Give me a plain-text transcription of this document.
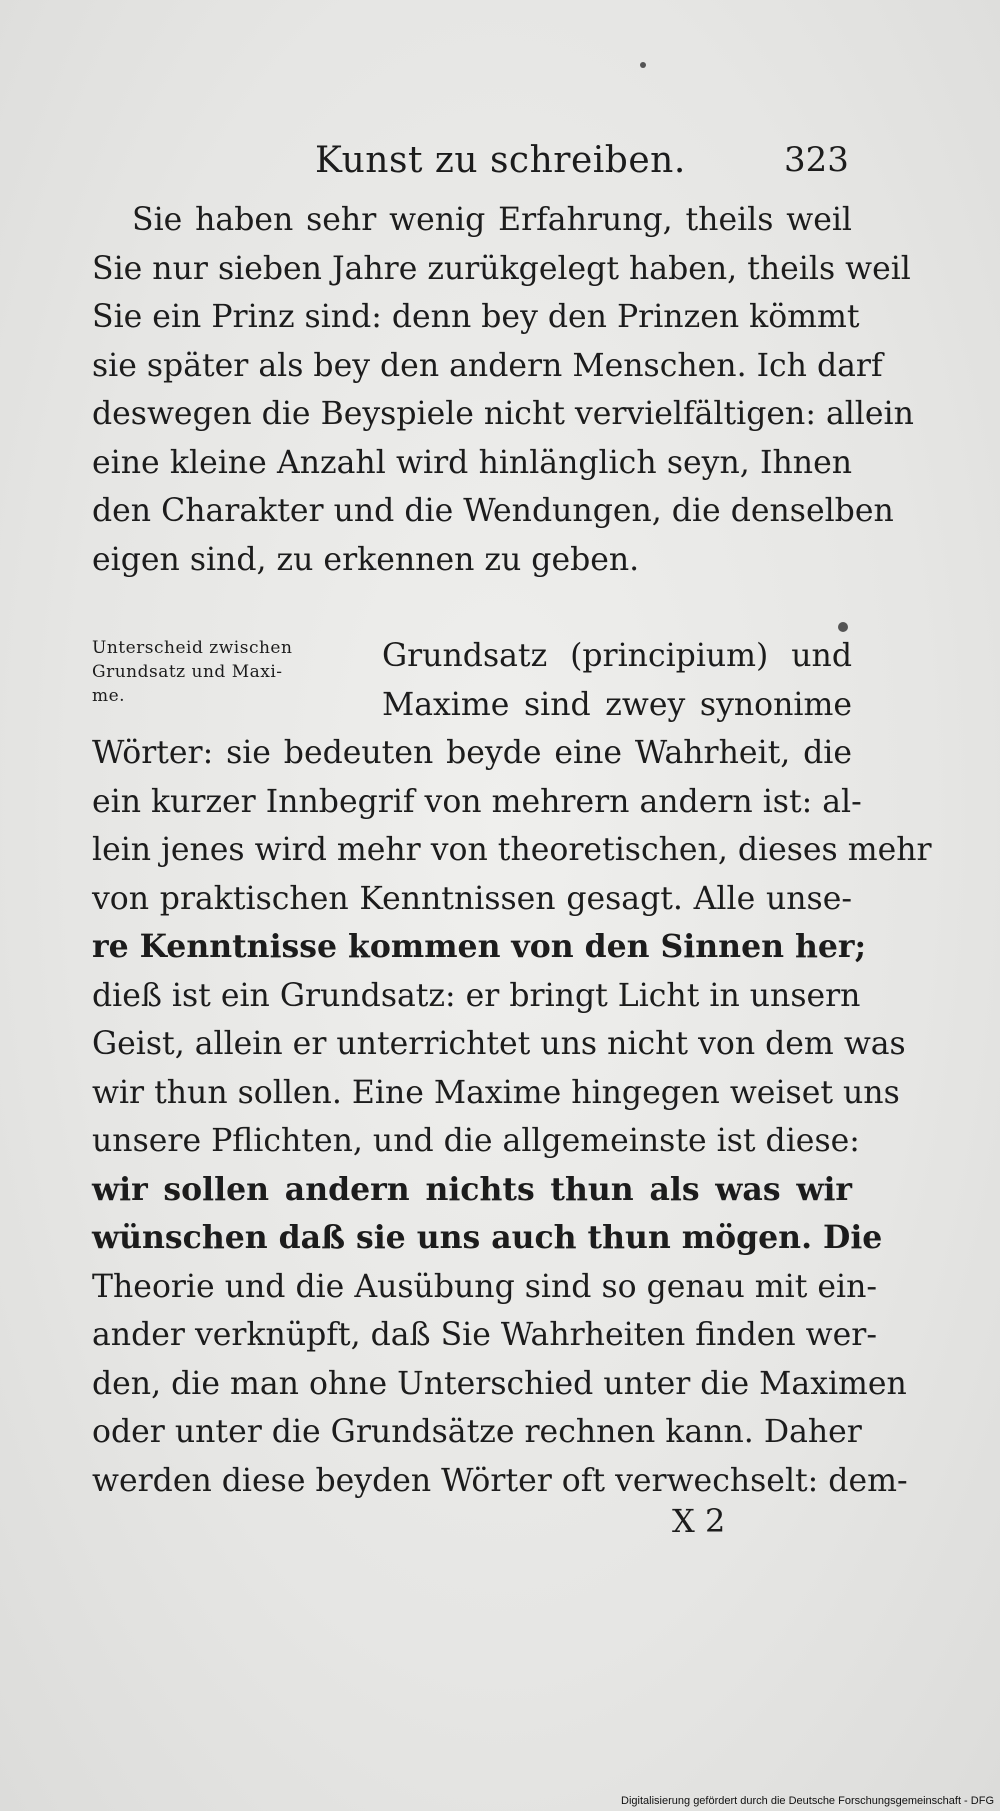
Kunst zu schreiben.	323
Sie haben sehr wenig Erfahrung, theils weil
Sie nur sieben Jahre zurükgelegt haben, theils weil
Sie ein Prinz sind: denn bey den Prinzen kömmt
sie später als bey den andern Menschen. Ich darf
deswegen die Beyspiele nicht vervielfältigen: allein
eine kleine Anzahl wird hinlänglich seyn, Ihnen
den Charakter und die Wendungen, die denselben
eigen sind, zu erkennen zu geben.
Unterscheid zwischen
Grundsatz und Maxi-
me.
Grundsatz (principium) und
Maxime sind zwey synonime
Wörter: sie bedeuten beyde eine Wahrheit, die
ein kurzer Innbegrif von mehrern andern ist: al-
lein jenes wird mehr von theoretischen, dieses mehr
von praktischen Kenntnissen gesagt. Alle unse-
re Kenntnisse kommen von den Sinnen her;
dieß ist ein Grundsatz: er bringt Licht in unsern
Geist, allein er unterrichtet uns nicht von dem was
wir thun sollen. Eine Maxime hingegen weiset uns
unsere Pflichten, und die allgemeinste ist diese:
wir sollen andern nichts thun als was wir
wünschen daß sie uns auch thun mögen. Die
Theorie und die Ausübung sind so genau mit ein-
ander verknüpft, daß Sie Wahrheiten finden wer-
den, die man ohne Unterschied unter die Maximen
oder unter die Grundsätze rechnen kann. Daher
werden diese beyden Wörter oft verwechselt: dem-
X 2
Digitalisierung gefördert durch die Deutsche Forschungsgemeinschaft - DFG
